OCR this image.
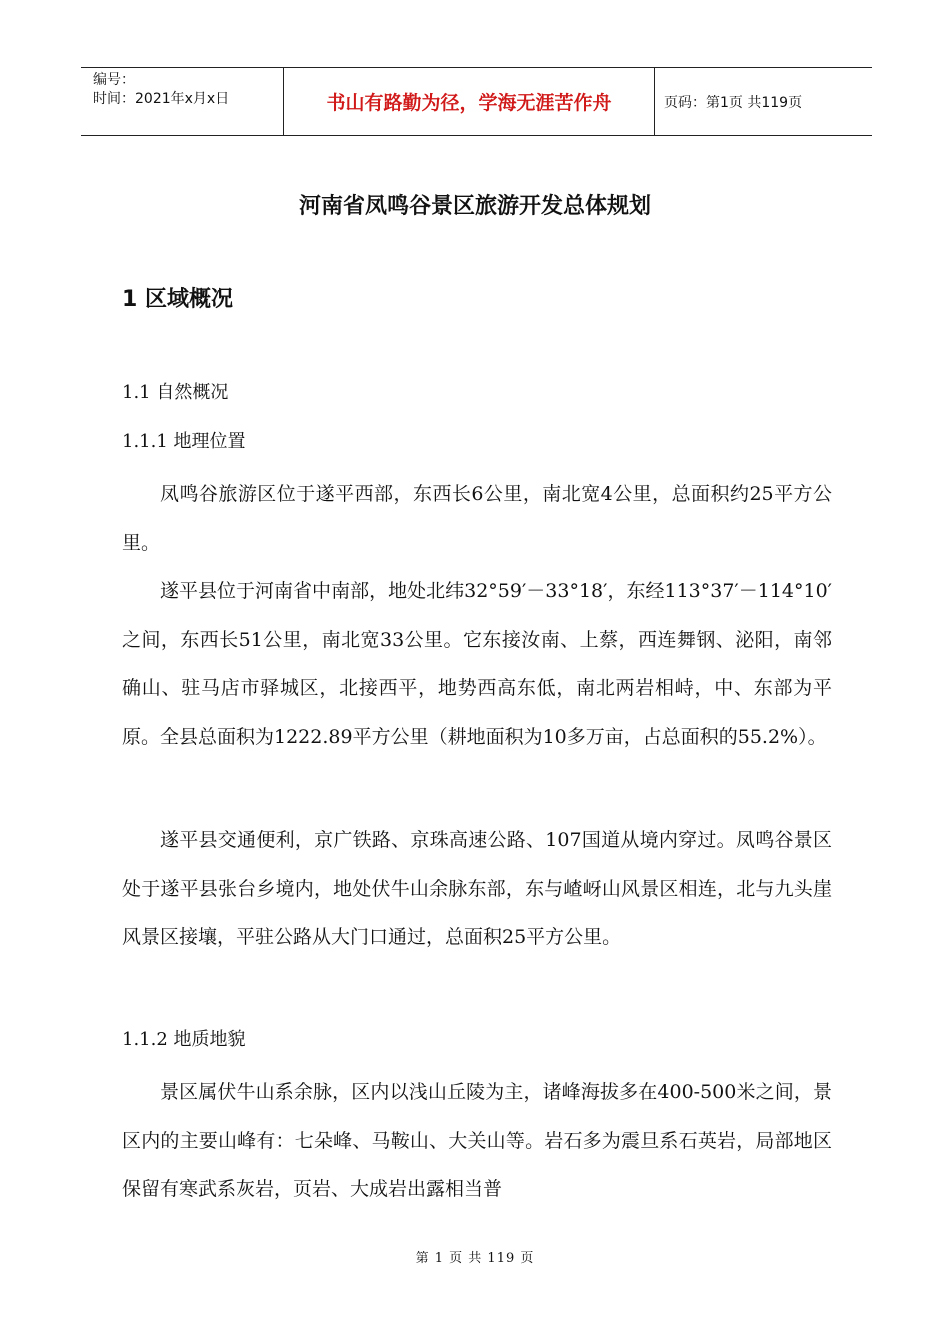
编号：
时间：2021年x月x日	书山有路勤为径，学海无涯苦作舟	页码：第1页 共119页
河南省凤鸣谷景区旅游开发总体规划
1 区域概况
1.1 自然概况
1.1.1 地理位置

凤鸣谷旅游区位于遂平西部，东西长6公里，南北宽4公里，总面积约25平方公里。

遂平县位于河南省中南部，地处北纬32°59′－33°18′，东经113°37′－114°10′之间，东西长51公里，南北宽33公里。它东接汝南、上蔡，西连舞钢、泌阳，南邻确山、驻马店市驿城区，北接西平，地势西高东低，南北两岩相峙，中、东部为平原。全县总面积为1222.89平方公里（耕地面积为10多万亩，占总面积的55.2%）。

遂平县交通便利，京广铁路、京珠高速公路、107国道从境内穿过。凤鸣谷景区处于遂平县张台乡境内，地处伏牛山余脉东部，东与嵖岈山风景区相连，北与九头崖风景区接壤，平驻公路从大门口通过，总面积25平方公里。

1.1.2 地质地貌

景区属伏牛山系余脉，区内以浅山丘陵为主，诸峰海拔多在400-500米之间，景区内的主要山峰有：七朵峰、马鞍山、大关山等。岩石多为震旦系石英岩，局部地区保留有寒武系灰岩，页岩、大成岩出露相当普

第 1 页 共 119 页
